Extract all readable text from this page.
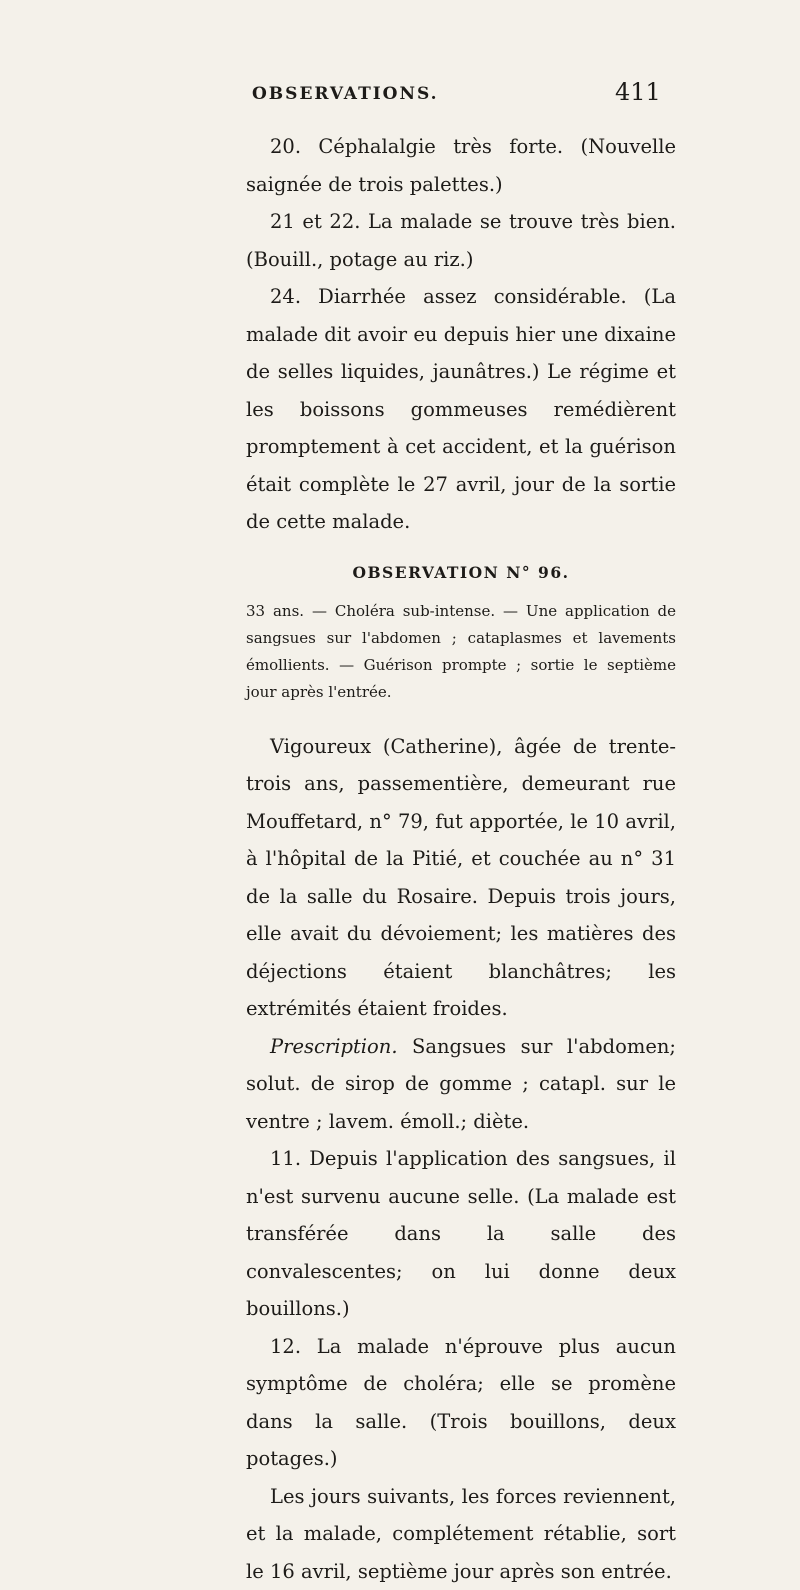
OBSERVATIONS.	411

20. Céphalalgie très forte. (Nouvelle saignée de trois palettes.)

21 et 22. La malade se trouve très bien. (Bouill., potage au riz.)

24. Diarrhée assez considérable. (La malade dit avoir eu depuis hier une dixaine de selles liquides, jaunâtres.) Le régime et les boissons gommeuses remédièrent promptement à cet accident, et la guérison était complète le 27 avril, jour de la sortie de cette malade.

OBSERVATION N° 96.

33 ans. — Choléra sub-intense. — Une application de sangsues sur l'abdomen ; cataplasmes et lavements émollients. — Guérison prompte ; sortie le septième jour après l'entrée.

Vigoureux (Catherine), âgée de trente-trois ans, passementière, demeurant rue Mouffetard, n° 79, fut apportée, le 10 avril, à l'hôpital de la Pitié, et couchée au n° 31 de la salle du Rosaire. Depuis trois jours, elle avait du dévoiement; les matières des déjections étaient blanchâtres; les extrémités étaient froides.

Prescription. Sangsues sur l'abdomen; solut. de sirop de gomme ; catapl. sur le ventre ; lavem. émoll.; diète.

11. Depuis l'application des sangsues, il n'est survenu aucune selle. (La malade est transférée dans la salle des convalescentes; on lui donne deux bouillons.)

12. La malade n'éprouve plus aucun symptôme de choléra; elle se promène dans la salle. (Trois bouillons, deux potages.)

Les jours suivants, les forces reviennent, et la malade, complétement rétablie, sort le 16 avril, septième jour après son entrée.
